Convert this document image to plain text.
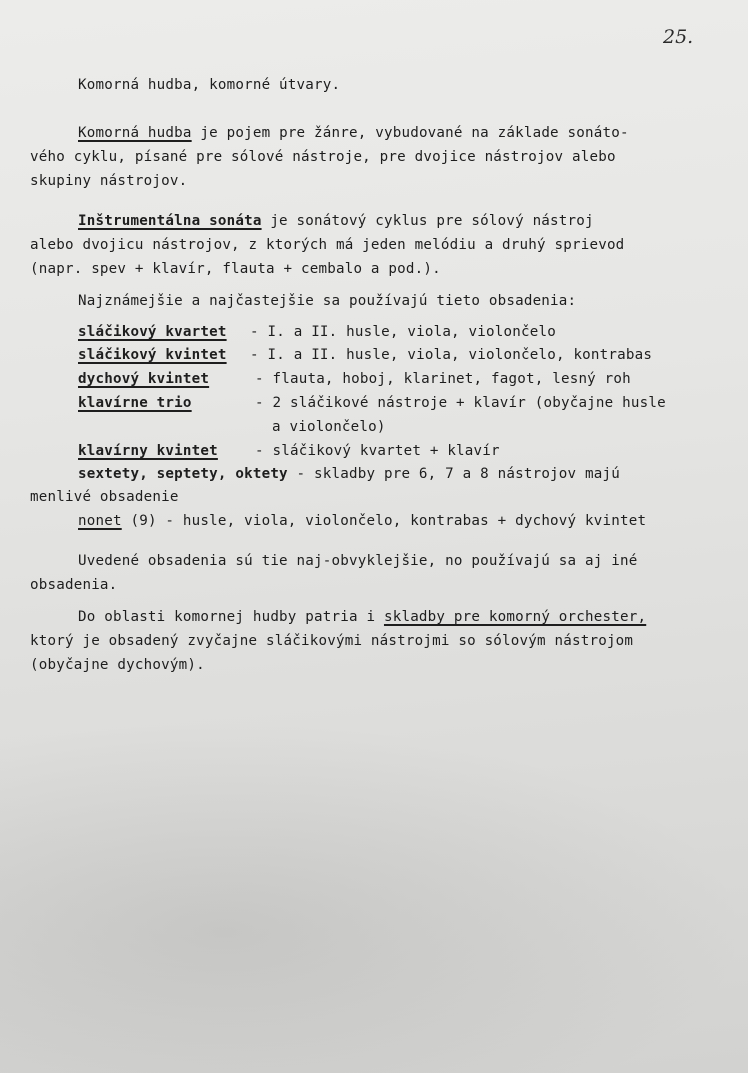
25.
Komorná hudba, komorné útvary.
Komorná hudba je pojem pre žánre, vybudované na základe sonáto-
vého cyklu, písané pre sólové nástroje, pre dvojice nástrojov alebo
skupiny nástrojov.
Inštrumentálna sonáta je sonátový cyklus pre sólový nástroj
alebo dvojicu nástrojov, z ktorých má jeden melódiu a druhý sprievod
(napr. spev + klavír, flauta + cembalo a pod.).
Najznámejšie a najčastejšie sa používajú tieto obsadenia:
sláčikový kvartet - I. a II. husle, viola, violončelo
sláčikový kvintet - I. a II. husle, viola, violončelo, kontrabas
dychový kvintet	- flauta, hoboj, klarinet, fagot, lesný roh
klavírne trio	- 2 sláčikové nástroje + klavír (obyčajne husle
a violončelo)
klavírny kvintet	- sláčikový kvartet + klavír
sextety, septety, oktety - skladby pre 6, 7 a 8 nástrojov majú
menlivé obsadenie
nonet (9) - husle, viola, violončelo, kontrabas + dychový kvintet
Uvedené obsadenia sú tie naj-obvyklejšie, no používajú sa aj iné
obsadenia.
Do oblasti komornej hudby patria i skladby pre komorný orchester,
ktorý je obsadený zvyčajne sláčikovými nástrojmi so sólovým nástrojom
(obyčajne dychovým).
